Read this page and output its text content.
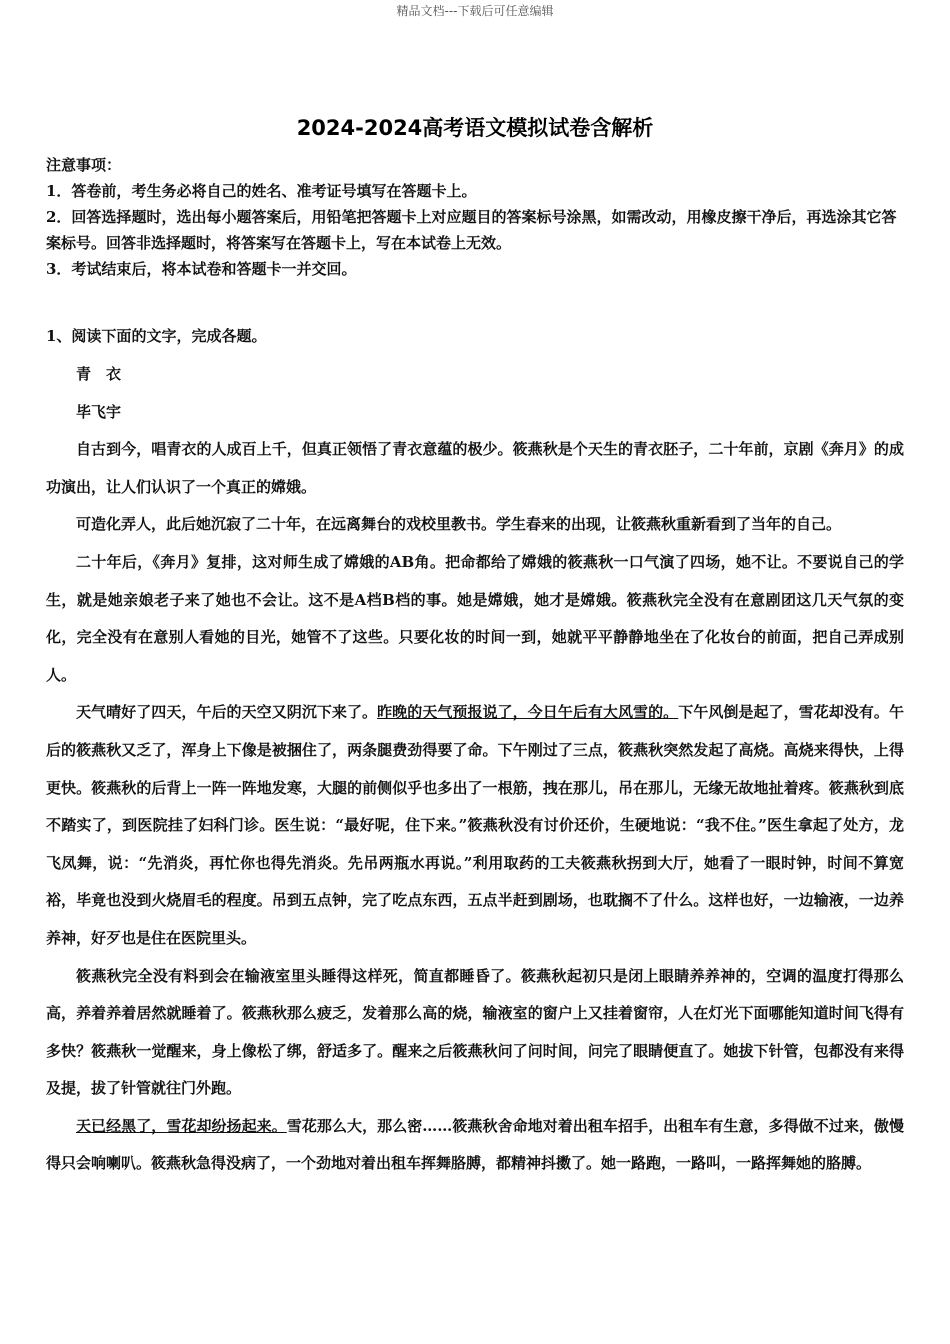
精品文档---下载后可任意编辑
2024-2024高考语文模拟试卷含解析
注意事项：
1．答卷前，考生务必将自己的姓名、准考证号填写在答题卡上。
2．回答选择题时，选出每小题答案后，用铅笔把答题卡上对应题目的答案标号涂黑，如需改动，用橡皮擦干净后，再选涂其它答案标号。回答非选择题时，将答案写在答题卡上，写在本试卷上无效。
3．考试结束后，将本试卷和答题卡一并交回。
1、阅读下面的文字，完成各题。

青衣

毕飞宇

自古到今，唱青衣的人成百上千，但真正领悟了青衣意蕴的极少。筱燕秋是个天生的青衣胚子，二十年前，京剧《奔月》的成功演出，让人们认识了一个真正的嫦娥。

可造化弄人，此后她沉寂了二十年，在远离舞台的戏校里教书。学生春来的出现，让筱燕秋重新看到了当年的自己。

二十年后，《奔月》复排，这对师生成了嫦娥的AB角。把命都给了嫦娥的筱燕秋一口气演了四场，她不让。不要说自己的学生，就是她亲娘老子来了她也不会让。这不是A档B档的事。她是嫦娥，她才是嫦娥。筱燕秋完全没有在意剧团这几天气氛的变化，完全没有在意别人看她的目光，她管不了这些。只要化妆的时间一到，她就平平静静地坐在了化妆台的前面，把自己弄成别人。

天气晴好了四天，午后的天空又阴沉下来了。昨晚的天气预报说了，今日午后有大风雪的。下午风倒是起了，雪花却没有。午后的筱燕秋又乏了，浑身上下像是被捆住了，两条腿费劲得要了命。下午刚过了三点，筱燕秋突然发起了高烧。高烧来得快，上得更快。筱燕秋的后背上一阵一阵地发寒，大腿的前侧似乎也多出了一根筋，拽在那儿，吊在那儿，无缘无故地扯着疼。筱燕秋到底不踏实了，到医院挂了妇科门诊。医生说：“最好呢，住下来。”筱燕秋没有讨价还价，生硬地说：“我不住。”医生拿起了处方，龙飞凤舞，说：“先消炎，再忙你也得先消炎。先吊两瓶水再说。”利用取药的工夫筱燕秋拐到大厅，她看了一眼时钟，时间不算宽裕，毕竟也没到火烧眉毛的程度。吊到五点钟，完了吃点东西，五点半赶到剧场，也耽搁不了什么。这样也好，一边输液，一边养养神，好歹也是住在医院里头。

筱燕秋完全没有料到会在输液室里头睡得这样死，简直都睡昏了。筱燕秋起初只是闭上眼睛养养神的，空调的温度打得那么高，养着养着居然就睡着了。筱燕秋那么疲乏，发着那么高的烧，输液室的窗户上又挂着窗帘，人在灯光下面哪能知道时间飞得有多快？筱燕秋一觉醒来，身上像松了绑，舒适多了。醒来之后筱燕秋问了问时间，问完了眼睛便直了。她拔下针管，包都没有来得及提，拔了针管就往门外跑。

天已经黑了，雪花却纷扬起来。雪花那么大，那么密……筱燕秋舍命地对着出租车招手，出租车有生意，多得做不过来，傲慢得只会响喇叭。筱燕秋急得没病了，一个劲地对着出租车挥舞胳膊，都精神抖擞了。她一路跑，一路叫，一路挥舞她的胳膊。
